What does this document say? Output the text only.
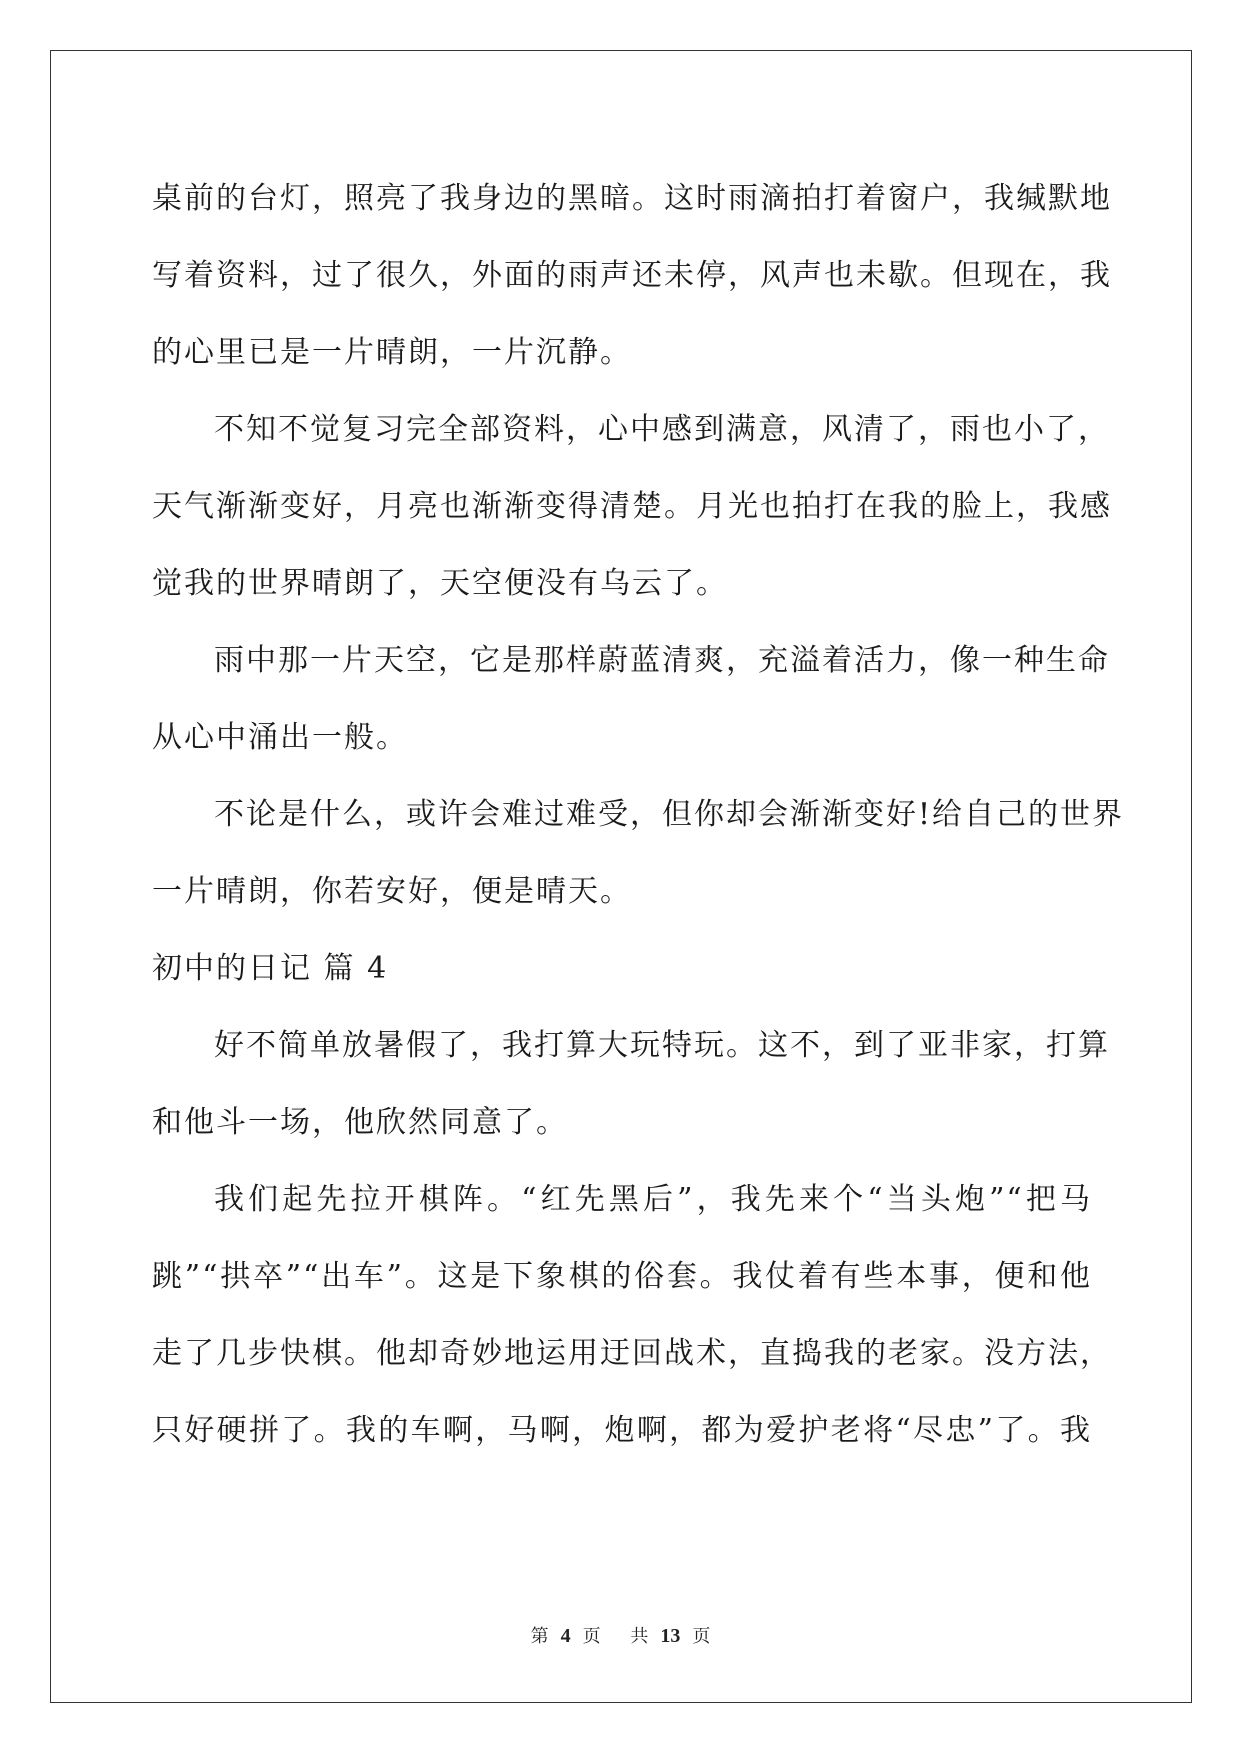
桌前的台灯，照亮了我身边的黑暗。这时雨滴拍打着窗户，我缄默地
写着资料，过了很久，外面的雨声还未停，风声也未歇。但现在，我
的心里已是一片晴朗，一片沉静。
不知不觉复习完全部资料，心中感到满意，风清了，雨也小了，
天气渐渐变好，月亮也渐渐变得清楚。月光也拍打在我的脸上，我感
觉我的世界晴朗了，天空便没有乌云了。
雨中那一片天空，它是那样蔚蓝清爽，充溢着活力，像一种生命
从心中涌出一般。
不论是什么，或许会难过难受，但你却会渐渐变好!给自己的世界
一片晴朗，你若安好，便是晴天。
初中的日记 篇 4
好不简单放暑假了，我打算大玩特玩。这不，到了亚非家，打算
和他斗一场，他欣然同意了。
我们起先拉开棋阵。“红先黑后”，我先来个“当头炮”“把马
跳”“拱卒”“出车”。这是下象棋的俗套。我仗着有些本事，便和他
走了几步快棋。他却奇妙地运用迂回战术，直捣我的老家。没方法，
只好硬拼了。我的车啊，马啊，炮啊，都为爱护老将“尽忠”了。我
第 4 页 共 13 页
